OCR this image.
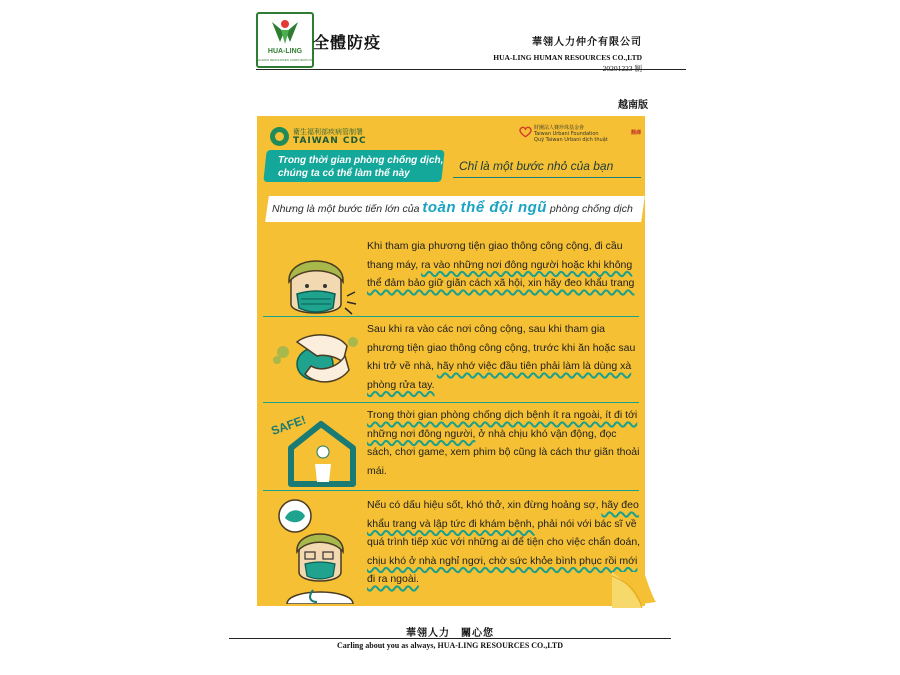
HUA-LING
HUMAN RESOURCES CORPORATION
全體防疫	華翎人力仲介有限公司
HUA-LING HUMAN RESOURCES CO.,LTD
20201223 制
越南版
衛生福利部疾病管制署
TAIWAN CDC
財團法人賽珍珠基金會
Taiwan Urbani Foundation
Quỹ Taiwan Urbani dịch thuật
翻譯
Trong thời gian phòng chống dịch,
chúng ta có thể làm thế này
Chỉ là một bước nhỏ của bạn
Nhưng là một bước tiến lớn của toàn thể đội ngũ phòng chống dịch
Khi tham gia phương tiện giao thông công cộng, đi cầu thang máy, ra vào những nơi đông người hoặc khi không thể đảm bảo giữ giãn cách xã hội, xin hãy đeo khẩu trang
Sau khi ra vào các nơi công cộng, sau khi tham gia phương tiện giao thông công cộng, trước khi ăn hoặc sau khi trở về nhà, hãy nhớ việc đầu tiên phải làm là dùng xà phòng rửa tay.
SAFE!	Trong thời gian phòng chống dịch bệnh ít ra ngoài, ít đi tới những nơi đông người, ở nhà chịu khó vận động, đọc sách, chơi game, xem phim bộ cũng là cách thư giãn thoải mái.
Nếu có dấu hiệu sốt, khó thở, xin đừng hoảng sợ, hãy đeo khẩu trang và lập tức đi khám bệnh, phải nói với bác sĩ về quá trình tiếp xúc với những ai để tiện cho việc chẩn đoán, chịu khó ở nhà nghỉ ngơi, chờ sức khỏe bình phục rồi mới đi ra ngoài.
華翎人力　關心您
Carling about you as always, HUA-LING RESOURCES CO.,LTD
